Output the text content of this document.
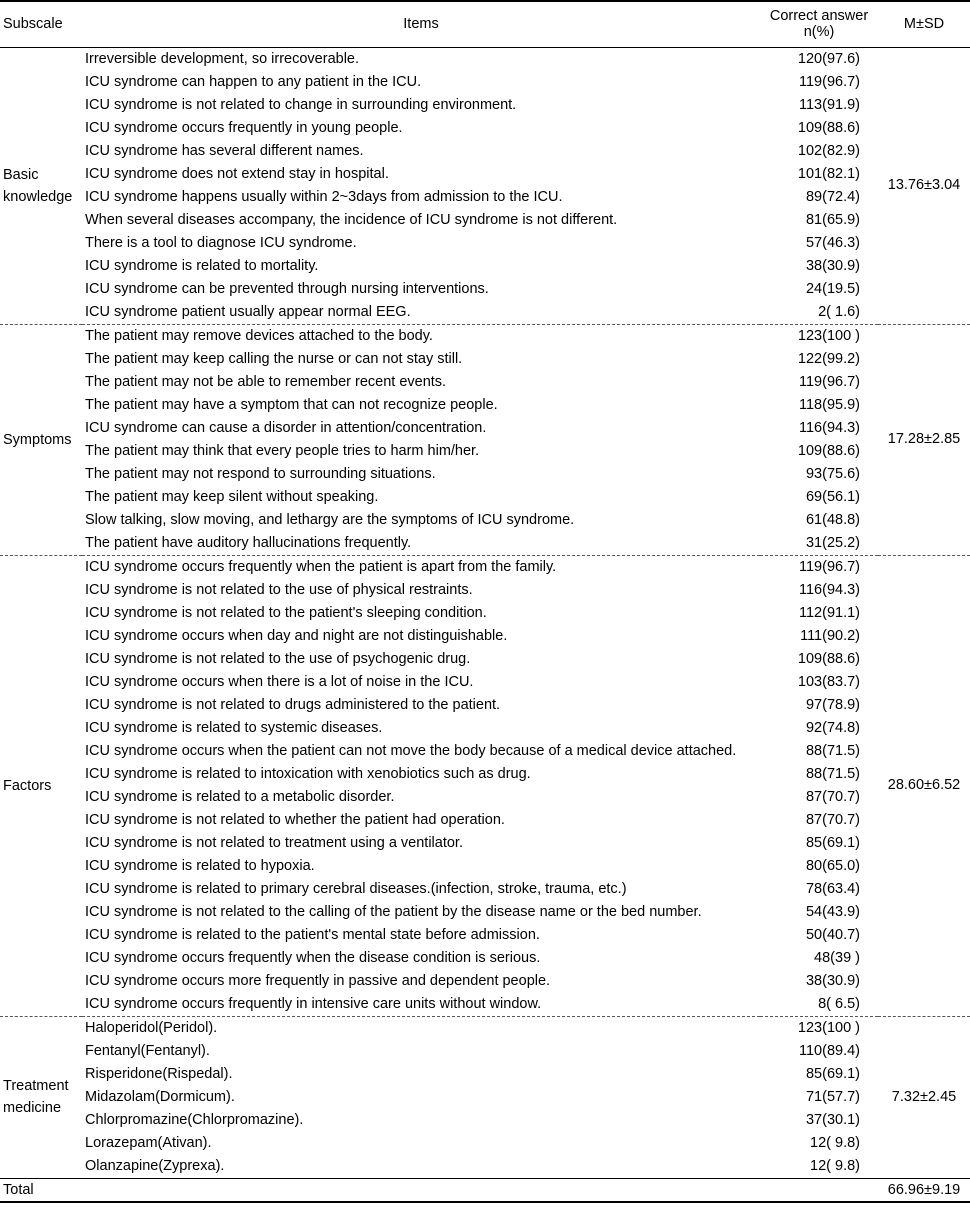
Subscale	Items	Correct answer n(%)	M±SD
Basic knowledge	Irreversible development, so irrecoverable.	120(97.6)	13.76±3.04
	ICU syndrome can happen to any patient in the ICU.	119(96.7)	
	ICU syndrome is not related to change in surrounding environment.	113(91.9)	
	ICU syndrome occurs frequently in young people.	109(88.6)	
	ICU syndrome has several different names.	102(82.9)	
	ICU syndrome does not extend stay in hospital.	101(82.1)	
	ICU syndrome happens usually within 2~3days from admission to the ICU.	89(72.4)	
	When several diseases accompany, the incidence of ICU syndrome is not different.	81(65.9)	
	There is a tool to diagnose ICU syndrome.	57(46.3)	
	ICU syndrome is related to mortality.	38(30.9)	
	ICU syndrome can be prevented through nursing interventions.	24(19.5)	
	ICU syndrome patient usually appear normal EEG.	2( 1.6)	
Symptoms	The patient may remove devices attached to the body.	123(100 )	17.28±2.85
	The patient may keep calling the nurse or can not stay still.	122(99.2)	
	The patient may not be able to remember recent events.	119(96.7)	
	The patient may have a symptom that can not recognize people.	118(95.9)	
	ICU syndrome can cause a disorder in attention/concentration.	116(94.3)	
	The patient may think that every people tries to harm him/her.	109(88.6)	
	The patient may not respond to surrounding situations.	93(75.6)	
	The patient may keep silent without speaking.	69(56.1)	
	Slow talking, slow moving, and lethargy are the symptoms of ICU syndrome.	61(48.8)	
	The patient have auditory hallucinations frequently.	31(25.2)	
Factors	ICU syndrome occurs frequently when the patient is apart from the family.	119(96.7)	28.60±6.52
	ICU syndrome is not related to the use of physical restraints.	116(94.3)	
	ICU syndrome is not related to the patient's sleeping condition.	112(91.1)	
	ICU syndrome occurs when day and night are not distinguishable.	111(90.2)	
	ICU syndrome is not related to the use of psychogenic drug.	109(88.6)	
	ICU syndrome occurs when there is a lot of noise in the ICU.	103(83.7)	
	ICU syndrome is not related to drugs administered to the patient.	97(78.9)	
	ICU syndrome is related to systemic diseases.	92(74.8)	
	ICU syndrome occurs when the patient can not move the body because of a medical device attached.	88(71.5)	
	ICU syndrome is related to intoxication with xenobiotics such as drug.	88(71.5)	
	ICU syndrome is related to a metabolic disorder.	87(70.7)	
	ICU syndrome is not related to whether the patient had operation.	87(70.7)	
	ICU syndrome is not related to treatment using a ventilator.	85(69.1)	
	ICU syndrome is related to hypoxia.	80(65.0)	
	ICU syndrome is related to primary cerebral diseases.(infection, stroke, trauma, etc.)	78(63.4)	
	ICU syndrome is not related to the calling of the patient by the disease name or the bed number.	54(43.9)	
	ICU syndrome is related to the patient's mental state before admission.	50(40.7)	
	ICU syndrome occurs frequently when the disease condition is serious.	48(39 )	
	ICU syndrome occurs more frequently in passive and dependent people.	38(30.9)	
	ICU syndrome occurs frequently in intensive care units without window.	8( 6.5)	
Treatment medicine	Haloperidol(Peridol).	123(100 )	7.32±2.45
	Fentanyl(Fentanyl).	110(89.4)	
	Risperidone(Rispedal).	85(69.1)	
	Midazolam(Dormicum).	71(57.7)	
	Chlorpromazine(Chlorpromazine).	37(30.1)	
	Lorazepam(Ativan).	12( 9.8)	
	Olanzapine(Zyprexa).	12( 9.8)	
Total			66.96±9.19
